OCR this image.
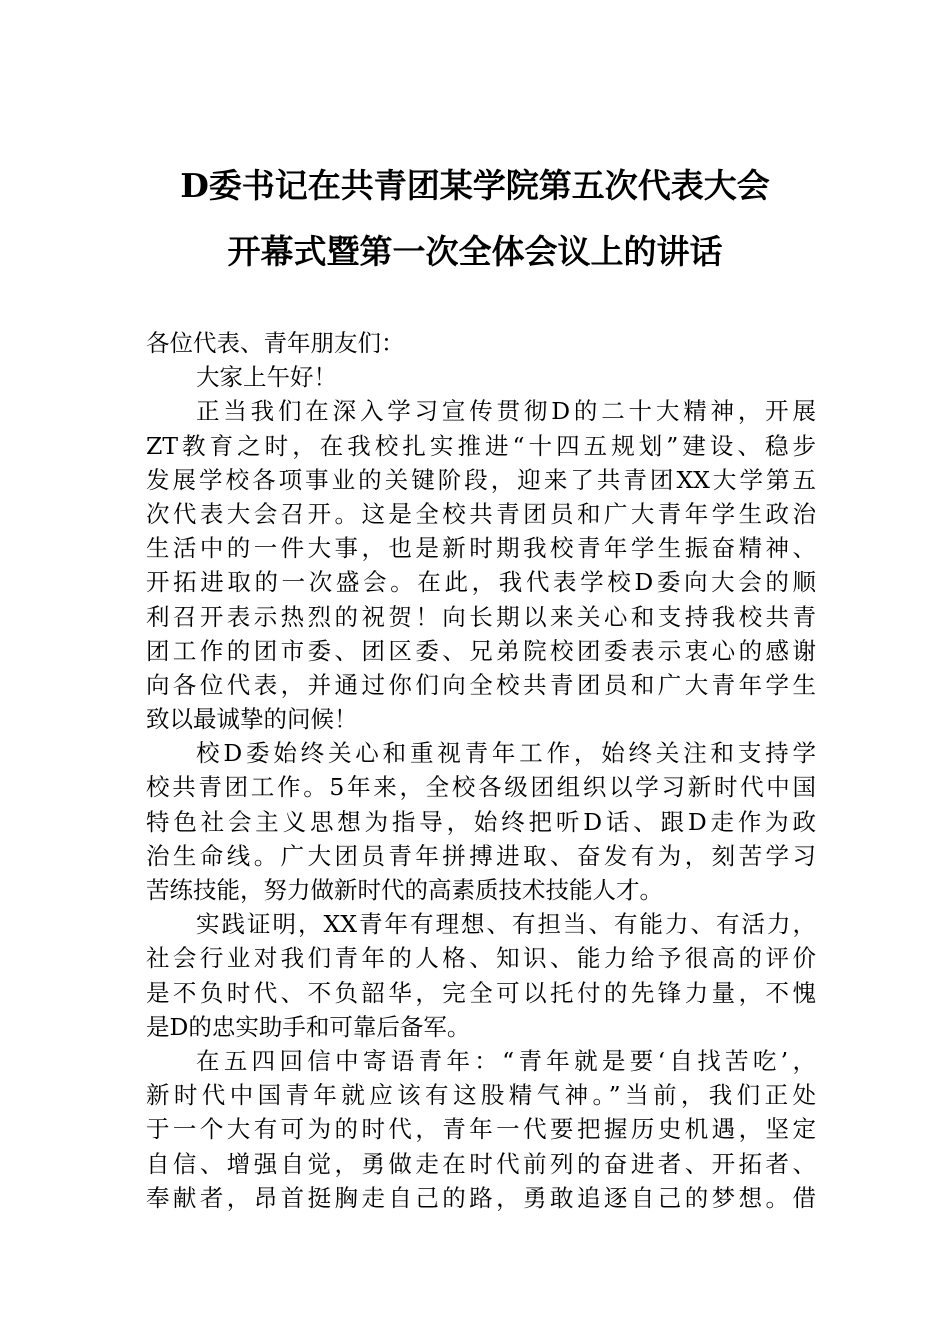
D委书记在共青团某学院第五次代表大会
开幕式暨第一次全体会议上的讲话
各位代表、青年朋友们：
大家上午好！
正当我们在深入学习宣传贯彻D的二十大精神，开展
ZT教育之时，在我校扎实推进“十四五规划”建设、稳步
发展学校各项事业的关键阶段，迎来了共青团XX大学第五
次代表大会召开。这是全校共青团员和广大青年学生政治
生活中的一件大事，也是新时期我校青年学生振奋精神、
开拓进取的一次盛会。在此，我代表学校D委向大会的顺
利召开表示热烈的祝贺！向长期以来关心和支持我校共青
团工作的团市委、团区委、兄弟院校团委表示衷心的感谢
向各位代表，并通过你们向全校共青团员和广大青年学生
致以最诚挚的问候！
校D委始终关心和重视青年工作，始终关注和支持学
校共青团工作。5年来，全校各级团组织以学习新时代中国
特色社会主义思想为指导，始终把听D话、跟D走作为政
治生命线。广大团员青年拼搏进取、奋发有为，刻苦学习
苦练技能，努力做新时代的高素质技术技能人才。
实践证明，XX青年有理想、有担当、有能力、有活力，
社会行业对我们青年的人格、知识、能力给予很高的评价
是不负时代、不负韶华，完全可以托付的先锋力量，不愧
是D的忠实助手和可靠后备军。
在五四回信中寄语青年：“青年就是要‘自找苦吃’，
新时代中国青年就应该有这股精气神。”当前，我们正处
于一个大有可为的时代，青年一代要把握历史机遇，坚定
自信、增强自觉，勇做走在时代前列的奋进者、开拓者、
奉献者，昂首挺胸走自己的路，勇敢追逐自己的梦想。借
